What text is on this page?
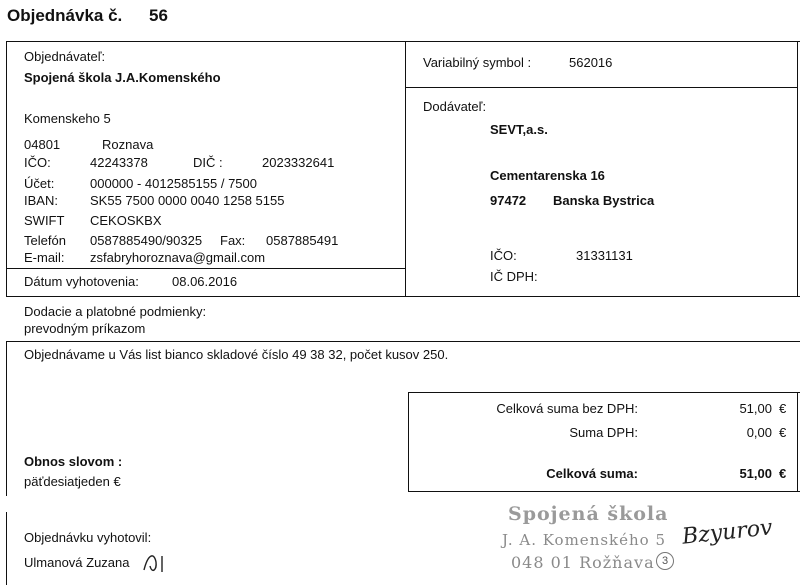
Objednávka č. 56
Objednávateľ:
Spojená škola J.A.Komenského
Komenskeho 5
04801	Roznava
IČO:	42243378	DIČ :	2023332641
Účet:	000000 - 4012585155 / 7500
IBAN: SK55 7500 0000 0040 1258 5155
SWIFT CEKOSKBX
Telefón 0587885490/90325 Fax: 0587885491
E-mail: zsfabryhoroznava@gmail.com
Dátum vyhotovenia:	08.06.2016
Variabilný symbol :	562016
Dodávateľ:
SEVT,a.s.
Cementarenska 16
97472 Banska Bystrica
IČO:	31331131
IČ DPH:
Dodacie a platobné podmienky:
prevodným príkazom
Objednávame u Vás list bianco skladové číslo 49 38 32, počet kusov 250.
Celková suma bez DPH:	51,00 €
Suma DPH:	0,00 €
Celková suma:	51,00 €
Obnos slovom :
päťdesiatjeden €
Objednávku vyhotovil:
Ulmanová Zuzana
Spojená škola
J. A. Komenského 5
048 01 Rožňava 3
Bzyurov
